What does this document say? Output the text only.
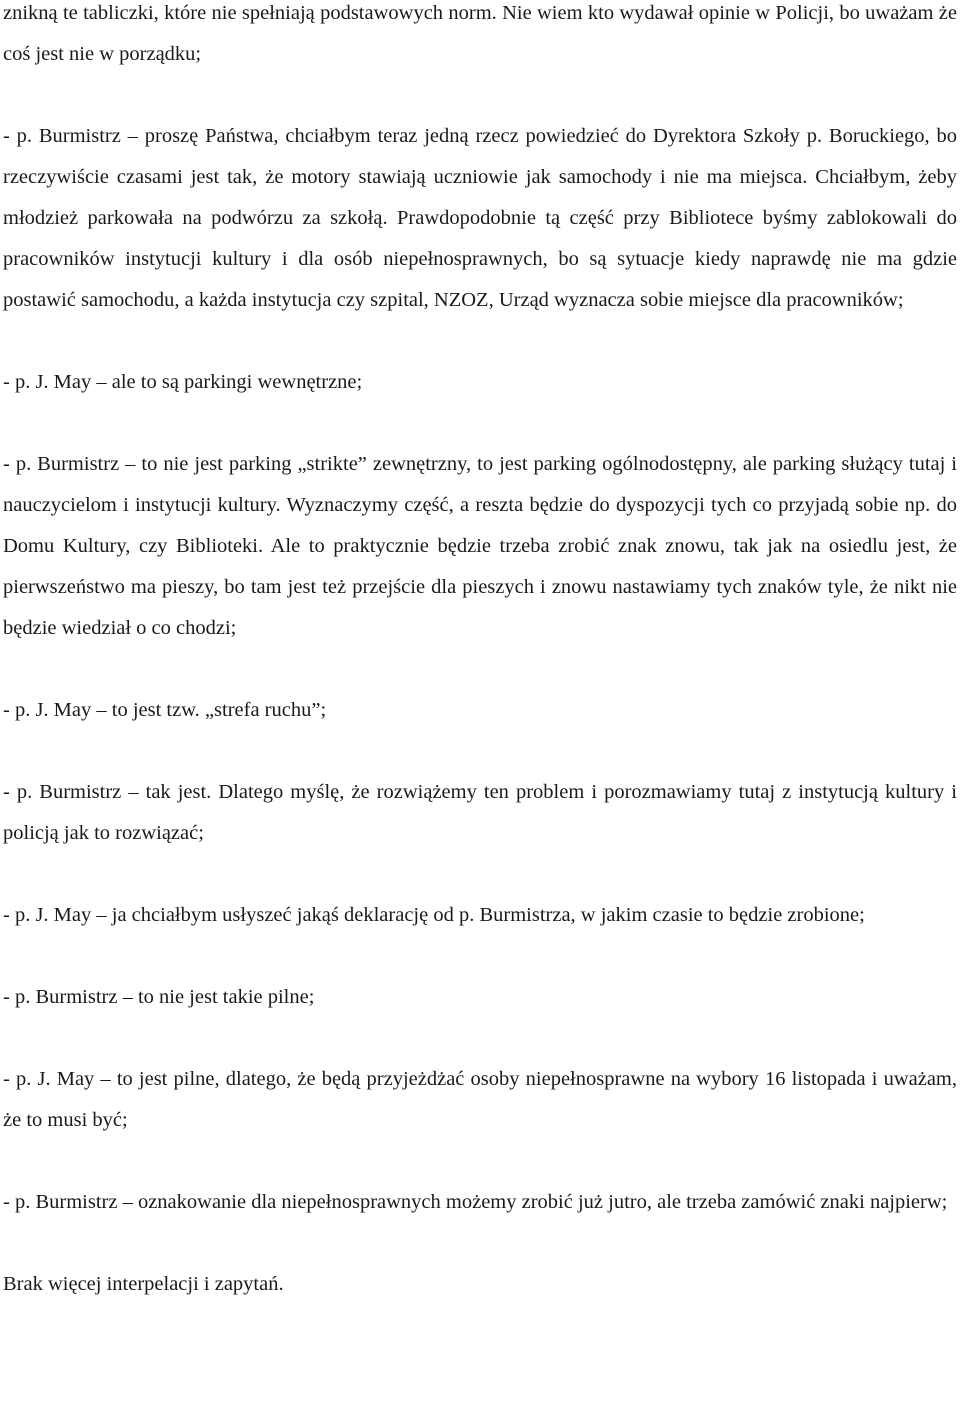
znikną te tabliczki, które nie spełniają podstawowych norm. Nie wiem kto wydawał opinie w Policji, bo uważam że coś jest nie w porządku;

- p. Burmistrz – proszę Państwa, chciałbym teraz jedną rzecz powiedzieć do Dyrektora Szkoły p. Boruckiego, bo rzeczywiście czasami jest tak, że motory stawiają uczniowie jak samochody i nie ma miejsca. Chciałbym, żeby młodzież parkowała na podwórzu za szkołą. Prawdopodobnie tą część przy Bibliotece byśmy zablokowali do pracowników instytucji kultury i dla osób niepełnosprawnych, bo są sytuacje kiedy naprawdę nie ma gdzie postawić samochodu, a każda instytucja czy szpital, NZOZ, Urząd wyznacza sobie miejsce dla pracowników;

- p. J. May – ale to są parkingi wewnętrzne;

- p. Burmistrz – to nie jest parking „strikte” zewnętrzny, to jest parking ogólnodostępny, ale parking służący tutaj i nauczycielom i instytucji kultury. Wyznaczymy część, a reszta będzie do dyspozycji tych co przyjadą sobie np. do Domu Kultury, czy Biblioteki. Ale to praktycznie będzie trzeba zrobić znak znowu, tak jak na osiedlu jest, że pierwszeństwo ma pieszy, bo tam jest też przejście dla pieszych i znowu nastawiamy tych znaków tyle, że nikt nie będzie wiedział o co chodzi;

- p. J. May – to jest tzw. „strefa ruchu”;

- p. Burmistrz – tak jest. Dlatego myślę, że rozwiążemy ten problem i porozmawiamy tutaj z instytucją kultury i policją jak to rozwiązać;

- p. J. May – ja chciałbym usłyszeć jakąś deklarację od p. Burmistrza, w jakim czasie to będzie zrobione;

- p. Burmistrz – to nie jest takie pilne;

- p. J. May – to jest pilne, dlatego, że będą przyjeżdżać osoby niepełnosprawne na wybory 16 listopada i uważam, że to musi być;

- p. Burmistrz – oznakowanie dla niepełnosprawnych możemy zrobić już jutro, ale trzeba zamówić znaki najpierw;

Brak więcej interpelacji i zapytań.
